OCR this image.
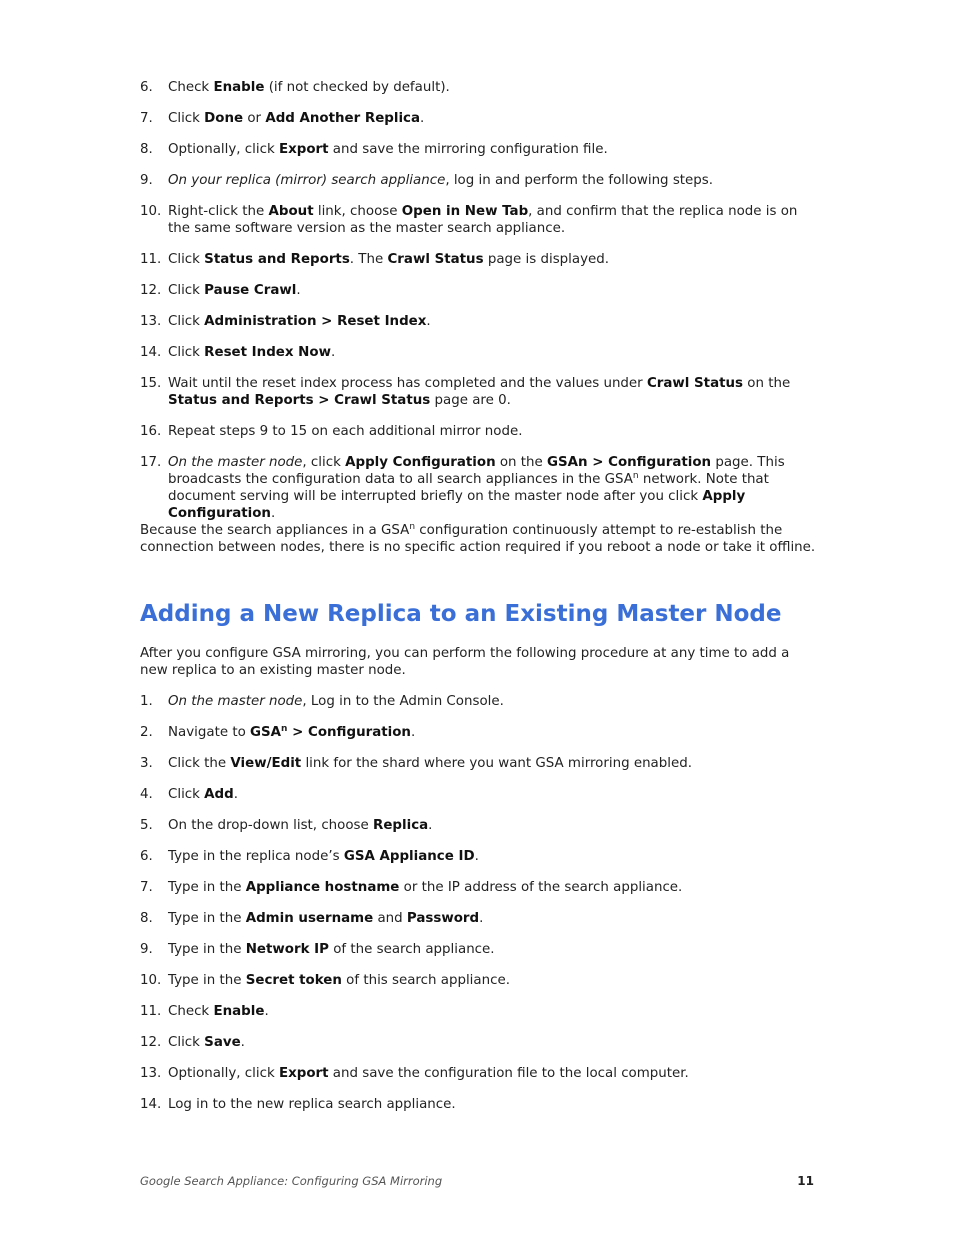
6.	Check Enable (if not checked by default).
7.	Click Done or Add Another Replica.
8.	Optionally, click Export and save the mirroring configuration file.
9.	On your replica (mirror) search appliance, log in and perform the following steps.
10. Right-click the About link, choose Open in New Tab, and confirm that the replica node is on the same software version as the master search appliance.
11. Click Status and Reports. The Crawl Status page is displayed.
12. Click Pause Crawl.
13. Click Administration > Reset Index.
14. Click Reset Index Now.
15. Wait until the reset index process has completed and the values under Crawl Status on the Status and Reports > Crawl Status page are 0.
16. Repeat steps 9 to 15 on each additional mirror node.
17. On the master node, click Apply Configuration on the GSAn > Configuration page. This broadcasts the configuration data to all search appliances in the GSA$^n$ network. Note that document serving will be interrupted briefly on the master node after you click Apply Configuration.

Because the search appliances in a GSA$^n$ configuration continuously attempt to re-establish the connection between nodes, there is no specific action required if you reboot a node or take it offline.

Adding a New Replica to an Existing Master Node

After you configure GSA mirroring, you can perform the following procedure at any time to add a new replica to an existing master node.

1.	On the master node, Log in to the Admin Console.
2.	Navigate to $GSA^n$ > Configuration.
3.	Click the View/Edit link for the shard where you want GSA mirroring enabled.
4.	Click Add.
5.	On the drop-down list, choose Replica.
6.	Type in the replica node’s GSA Appliance ID.
7.	Type in the Appliance hostname or the IP address of the search appliance.
8.	Type in the Admin username and Password.
9.	Type in the Network IP of the search appliance.
10. Type in the Secret token of this search appliance.
11. Check Enable.
12. Click Save.
13. Optionally, click Export and save the configuration file to the local computer.
14. Log in to the new replica search appliance.
Google Search Appliance: Configuring GSA Mirroring	11
